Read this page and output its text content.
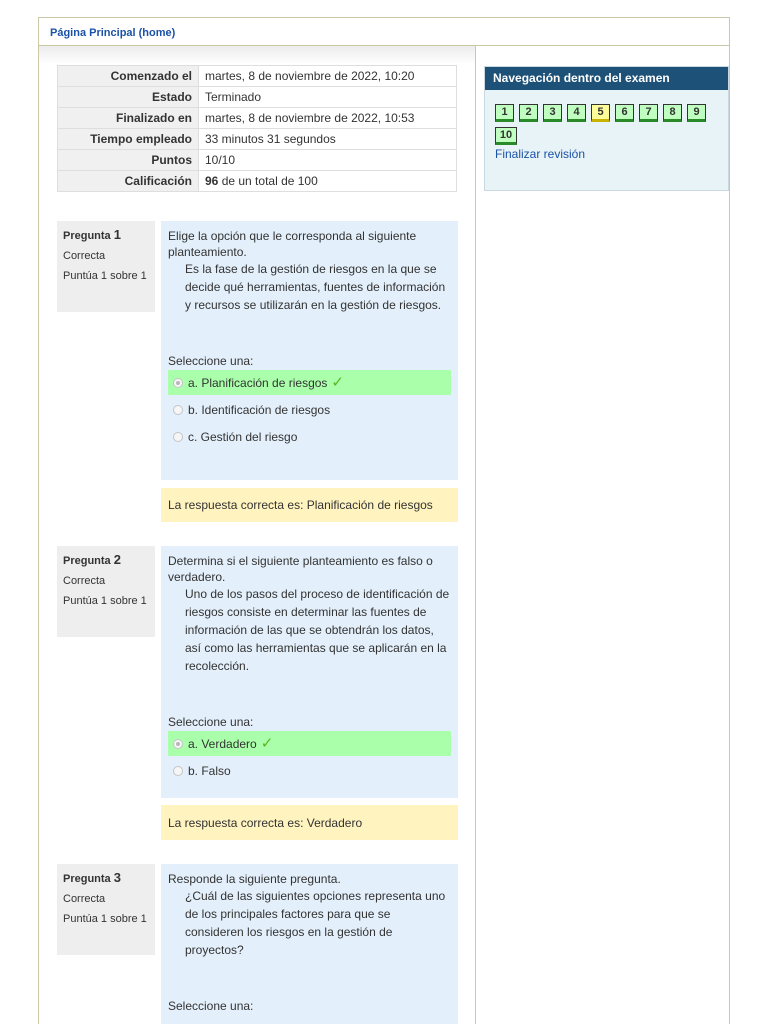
Página Principal (home)
Comenzado el	martes, 8 de noviembre de 2022, 10:20
Estado	Terminado
Finalizado en	martes, 8 de noviembre de 2022, 10:53
Tiempo empleado	33 minutos 31 segundos
Puntos	10/10
Calificación	96 de un total de 100
Pregunta 1
Correcta
Puntúa 1 sobre 1
Elige la opción que le corresponda al siguiente planteamiento.
Es la fase de la gestión de riesgos en la que se decide qué herramientas, fuentes de información y recursos se utilizarán en la gestión de riesgos.
Seleccione una:
a. Planificación de riesgos ✓
b. Identificación de riesgos
c. Gestión del riesgo
La respuesta correcta es: Planificación de riesgos
Pregunta 2
Correcta
Puntúa 1 sobre 1
Determina si el siguiente planteamiento es falso o verdadero.
Uno de los pasos del proceso de identificación de riesgos consiste en determinar las fuentes de información de las que se obtendrán los datos, así como las herramientas que se aplicarán en la recolección.
Seleccione una:
a. Verdadero ✓
b. Falso
La respuesta correcta es: Verdadero
Pregunta 3
Correcta
Puntúa 1 sobre 1
Responde la siguiente pregunta.
¿Cuál de las siguientes opciones representa uno de los principales factores para que se consideren los riesgos en la gestión de proyectos?
Seleccione una:
Navegación dentro del examen
1	2	3	4	5	6	7	8	9
10
Finalizar revisión
